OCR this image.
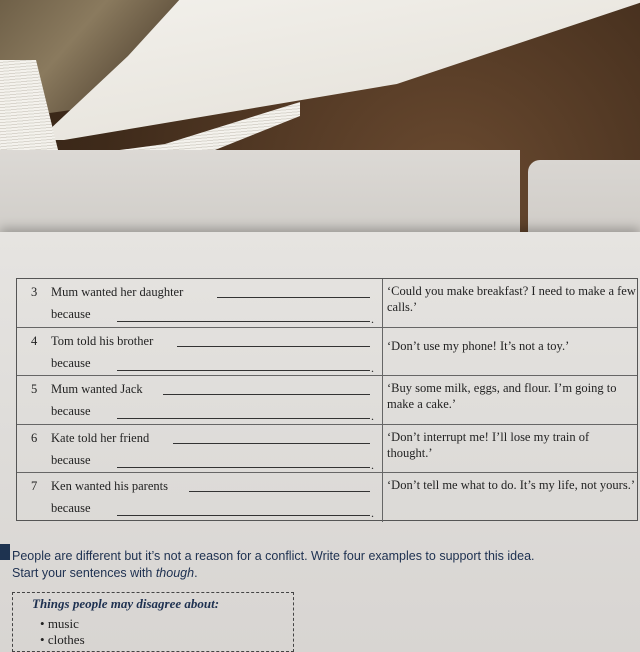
3 Mum wanted her daughter
because	.
‘Could you make breakfast? I need to make a few calls.’
4 Tom told his brother
because	.
‘Don’t use my phone! It’s not a toy.’
5 Mum wanted Jack
because	.
‘Buy some milk, eggs, and flour. I’m going to make a cake.’
6 Kate told her friend
because	.
‘Don’t interrupt me! I’ll lose my train of thought.’
7 Ken wanted his parents
because	.
‘Don’t tell me what to do. It’s my life, not yours.’
People are different but it’s not a reason for a conflict. Write four examples to support this idea.
Start your sentences with though.
Things people may disagree about:
• music
• clothes
